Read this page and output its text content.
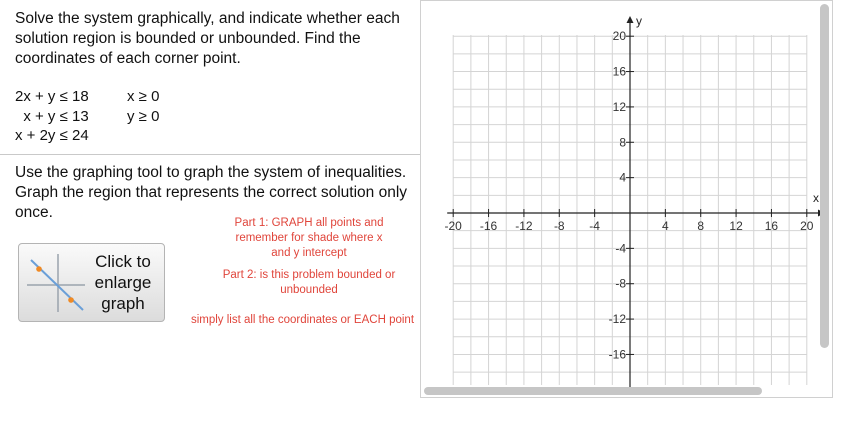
Solve the system graphically, and indicate whether each solution region is bounded or unbounded. Find the coordinates of each corner point.
2x + y ≤ 18
x + y ≤ 13
x + 2y ≤ 24
x ≥ 0
y ≥ 0
Use the graphing tool to graph the system of inequalities. Graph the region that represents the correct solution only once.
Part 1: GRAPH all points and remember for shade where x and y intercept
Part 2: is this problem bounded or unbounded
simply list all the coordinates or EACH point
Click to
enlarge
graph
-20 -16 -12 -8 -4	4 8 12 16 20
20
16
12
8
4
-4
-8
-12
-16
x
y
